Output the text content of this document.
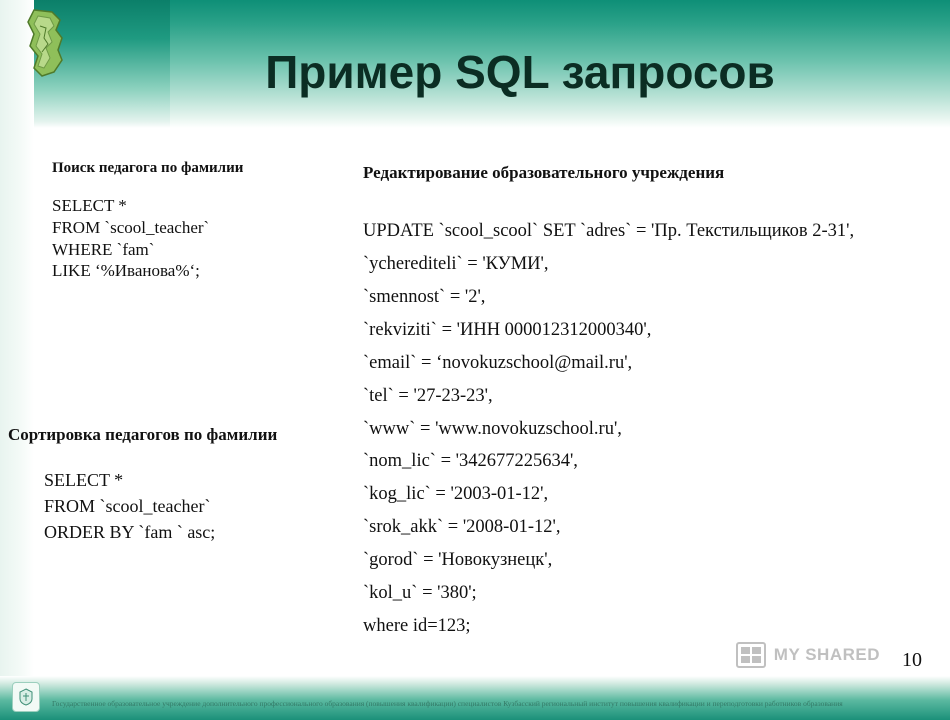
Пример SQL запросов
Поиск педагога по фамилии
SELECT *
FROM `scool_teacher`
WHERE `fam`
LIKE ‘%Иванова%‘;
Сортировка педагогов по фамилии
SELECT *
FROM `scool_teacher`
ORDER BY `fam ` asc;
Редактирование образовательного учреждения
UPDATE `scool_scool` SET `adres` = 'Пр. Текстильщиков 2-31',
`ycherediteli` = 'КУМИ',
`smennost` = '2',
`rekviziti` = 'ИНН 000012312000340',
`email` = ‘novokuzschool@mail.ru',
`tel` = '27-23-23',
`www` = 'www.novokuzschool.ru',
`nom_lic` = '342677225634',
`kog_lic` = '2003-01-12',
`srok_akk` = '2008-01-12',
`gorod` = 'Новокузнецк',
`kol_u` = '380';
where id=123;
MY SHARED 10
Государственное образовательное учреждение дополнительного профессионального образования (повышения квалификации) специалистов Кузбасский региональный институт повышения квалификации и переподготовки работников образования
